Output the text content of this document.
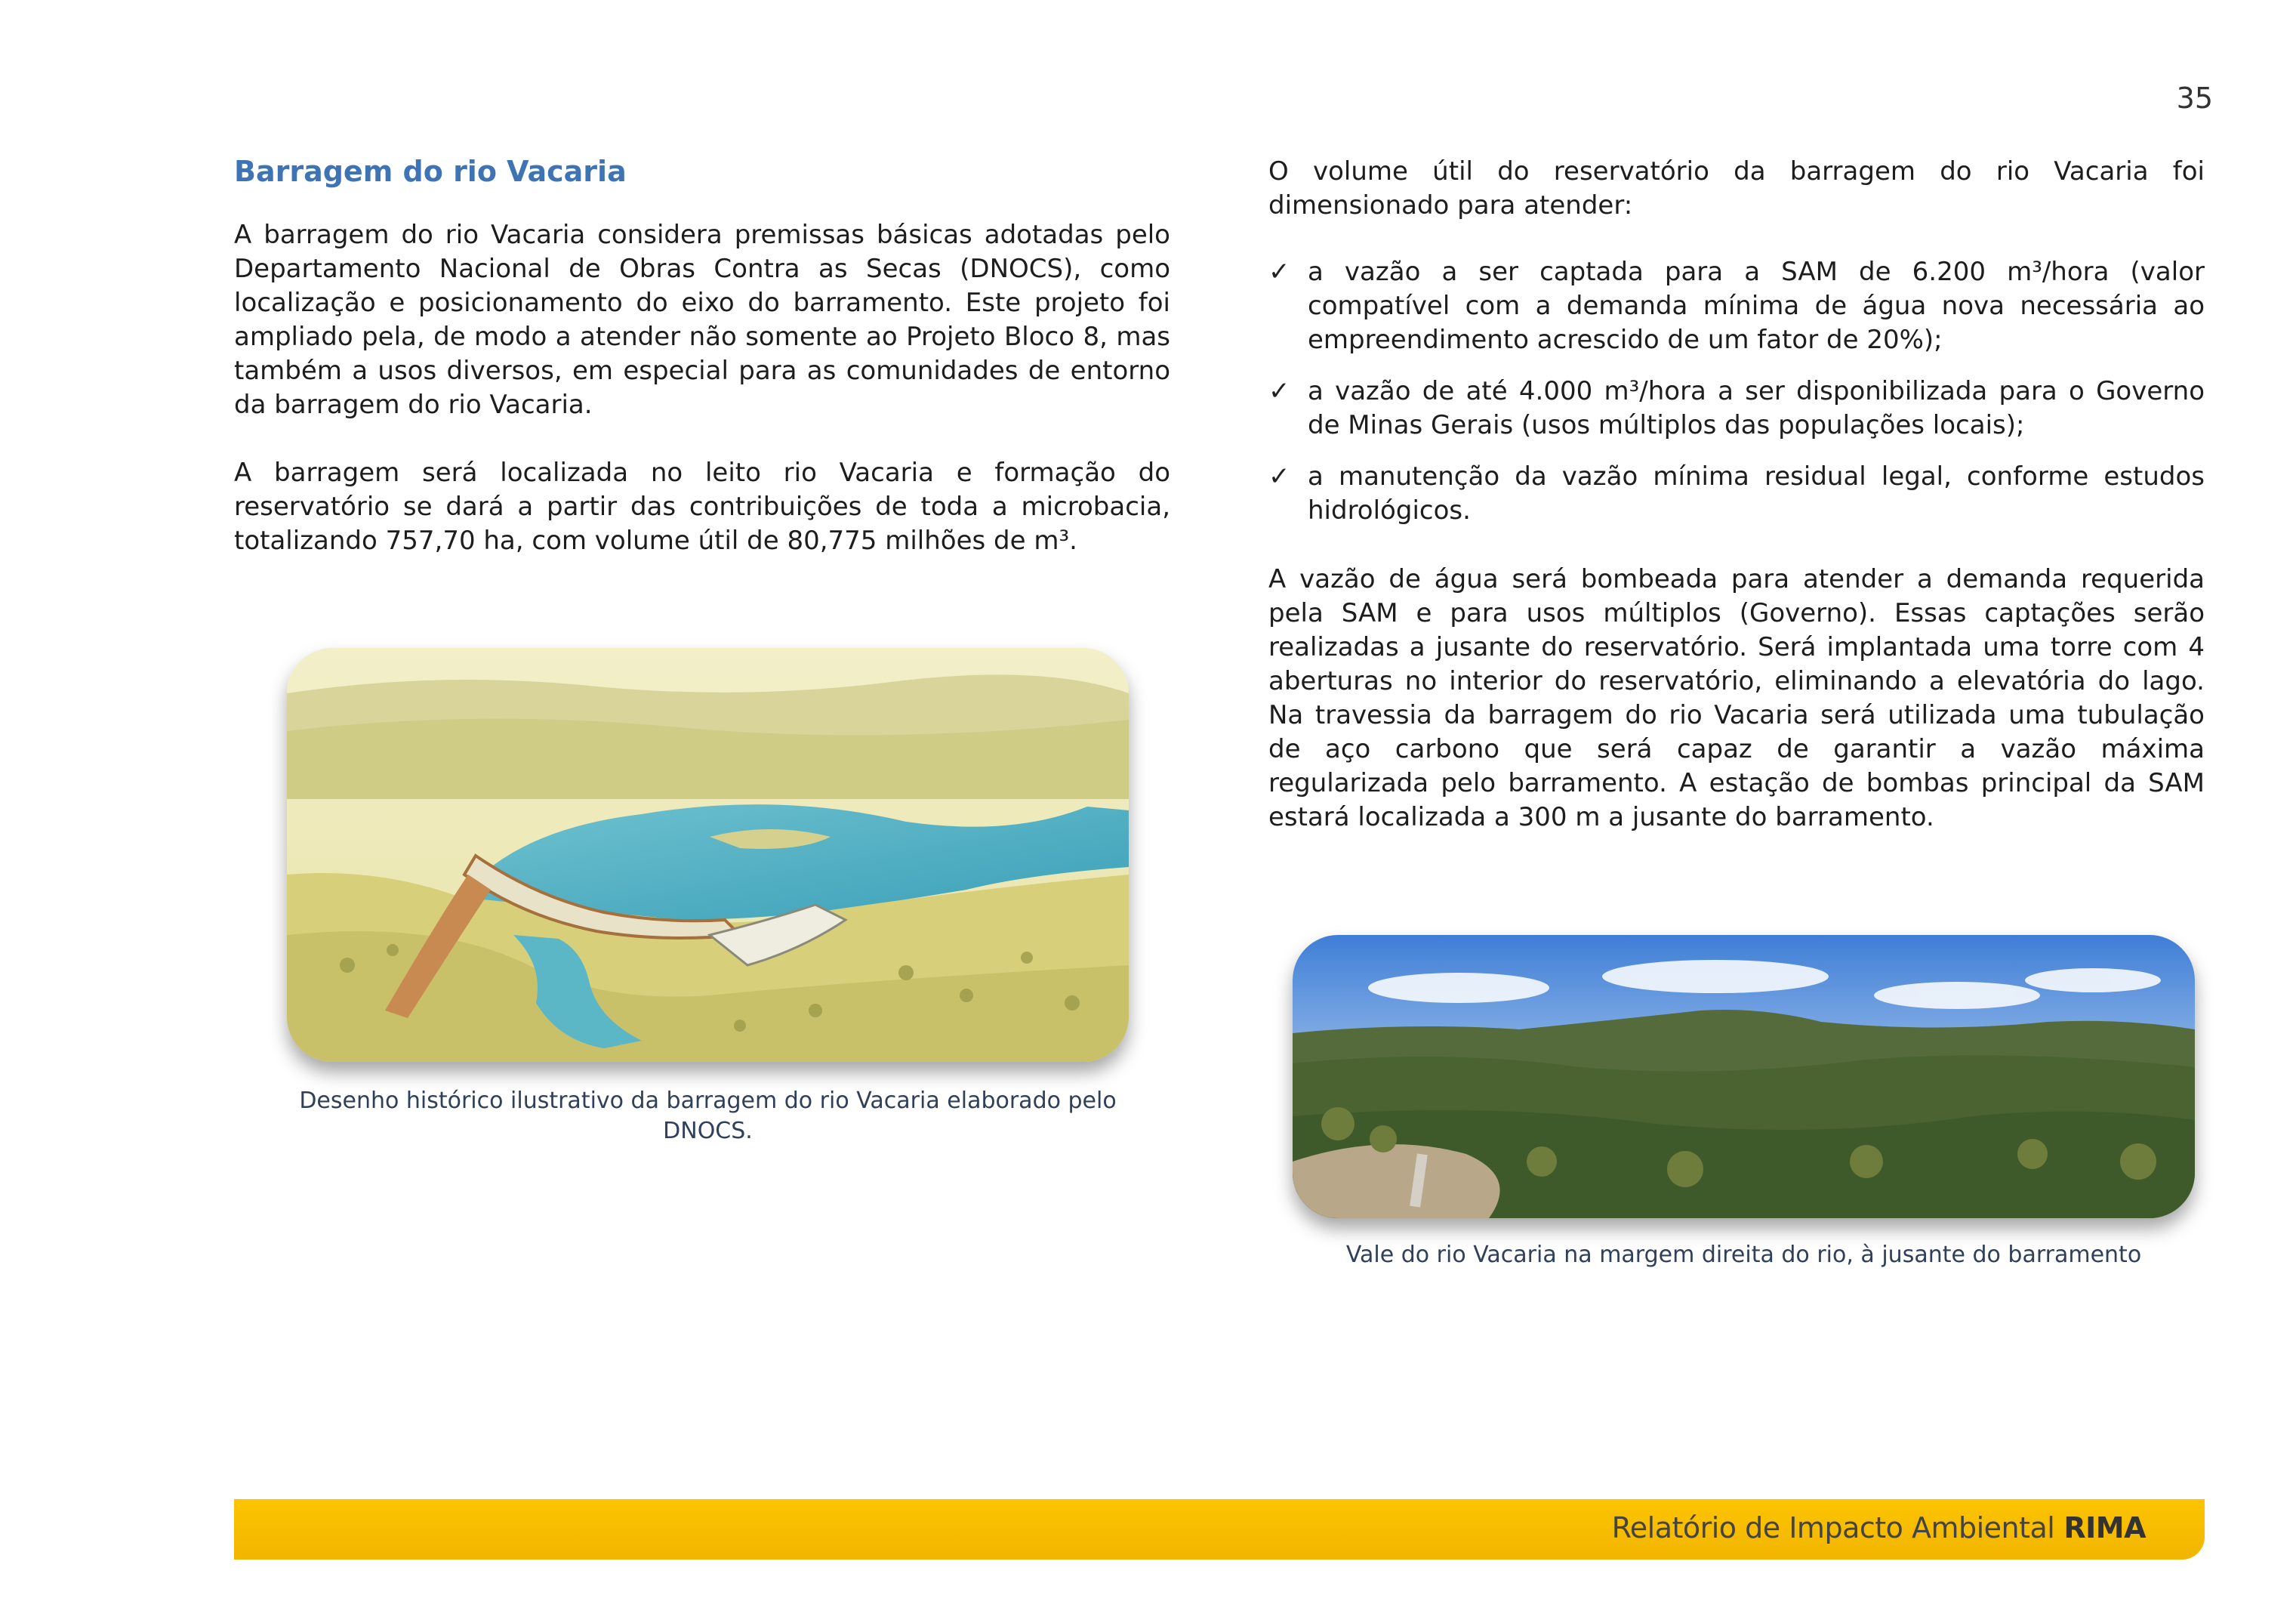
35
Barragem do rio Vacaria

A barragem do rio Vacaria considera premissas básicas adotadas pelo Departamento Nacional de Obras Contra as Secas (DNOCS), como localização e posicionamento do eixo do barramento. Este projeto foi ampliado pela, de modo a atender não somente ao Projeto Bloco 8, mas também a usos diversos, em especial para as comunidades de entorno da barragem do rio Vacaria.

A barragem será localizada no leito rio Vacaria e formação do reservatório se dará a partir das contribuições de toda a microbacia, totalizando 757,70 ha, com volume útil de 80,775 milhões de m³.

O volume útil do reservatório da barragem do rio Vacaria foi dimensionado para atender:

✓ a vazão a ser captada para a SAM de 6.200 m³/hora (valor compatível com a demanda mínima de água nova necessária ao empreendimento acrescido de um fator de 20%);
✓ a vazão de até 4.000 m³/hora a ser disponibilizada para o Governo de Minas Gerais (usos múltiplos das populações locais);
✓ a manutenção da vazão mínima residual legal, conforme estudos hidrológicos.

A vazão de água será bombeada para atender a demanda requerida pela SAM e para usos múltiplos (Governo). Essas captações serão realizadas a jusante do reservatório. Será implantada uma torre com 4 aberturas no interior do reservatório, eliminando a elevatória do lago. Na travessia da barragem do rio Vacaria será utilizada uma tubulação de aço carbono que será capaz de garantir a vazão máxima regularizada pelo barramento. A estação de bombas principal da SAM estará localizada a 300 m a jusante do barramento.

Desenho histórico ilustrativo da barragem do rio Vacaria elaborado pelo DNOCS.
Vale do rio Vacaria na margem direita do rio, à jusante do barramento
Relatório de Impacto Ambiental RIMA
